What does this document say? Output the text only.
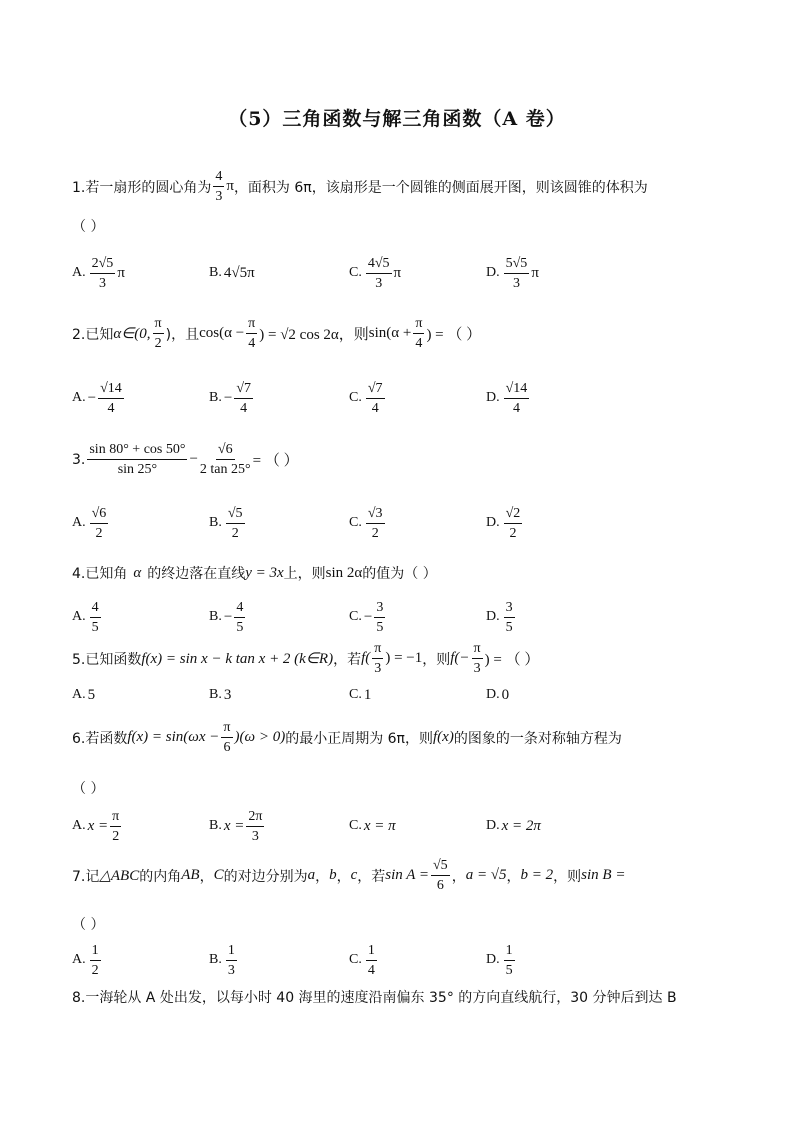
（5）三角函数与解三角函数（A 卷）
1.若一扇形的圆心角为 $\frac{4}{3}$ π ，面积为 6π，该扇形是一个圆锥的侧面展开图，则该圆锥的体积为
（ ）
A. $\frac{2√5}{3}$ π	B. 4√5π	C. $\frac{4√5}{3}$ π	D. $\frac{5√5}{3}$ π
2.已知 α∈(0, $\frac{\pi}{2}$ )，且 $\cos(\alpha - \frac{\pi}{4}$ ) = √2 cos 2α，则 $\sin(\alpha + \frac{\pi}{4}$ ) = （ ）
A. − $\frac{√14}{4}$	B. − $\frac{√7}{4}$	C. $\frac{√7}{4}$	D. $\frac{√14}{4}$
3. $\frac{\sin 80^\circ + \cos 50^\circ}{\sin 25^\circ} - \frac{√6}{2 \tan 25^\circ}$ = （ ）
A. $\frac{√6}{2}$	B. $\frac{√5}{2}$	C. $\frac{√3}{2}$	D. $\frac{√2}{2}$
4.已知角 α 的终边落在直线 y = 3x 上，则 sin 2α 的值为（ ）
A. $\frac{4}{5}$	B. − $\frac{4}{5}$	C. − $\frac{3}{5}$	D. $\frac{3}{5}$
5.已知函数 f(x) = sin x − k tan x + 2 (k∈R) ，若 $f( \frac{\pi}{3}$ ) = −1 ，则 $f(- \frac{\pi}{3}$ ) = （ ）
A. 5	B. 3	C. 1	D. 0
6.若函数 $f(x) = \sin(\omega x - \frac{\pi}{6} )(\omega > 0)$ 的最小正周期为 6π，则 f(x) 的图象的一条对称轴方程为
（ ）
A. $x = \frac{\pi}{2}$	B. $x = \frac{2\pi}{3}$	C. x = π	D. x = 2π
7.记 △ABC 的内角 AB ， C 的对边分别为 a ， b ， c ，若 $\sin A = \frac{√5}{6}$ ， a = √5 ， b = 2 ，则 sin B =
（ ）
A. $\frac{1}{2}$	B. $\frac{1}{3}$	C. $\frac{1}{4}$	D. $\frac{1}{5}$
8.一海轮从 A 处出发，以每小时 40 海里的速度沿南偏东 35° 的方向直线航行，30 分钟后到达 B
